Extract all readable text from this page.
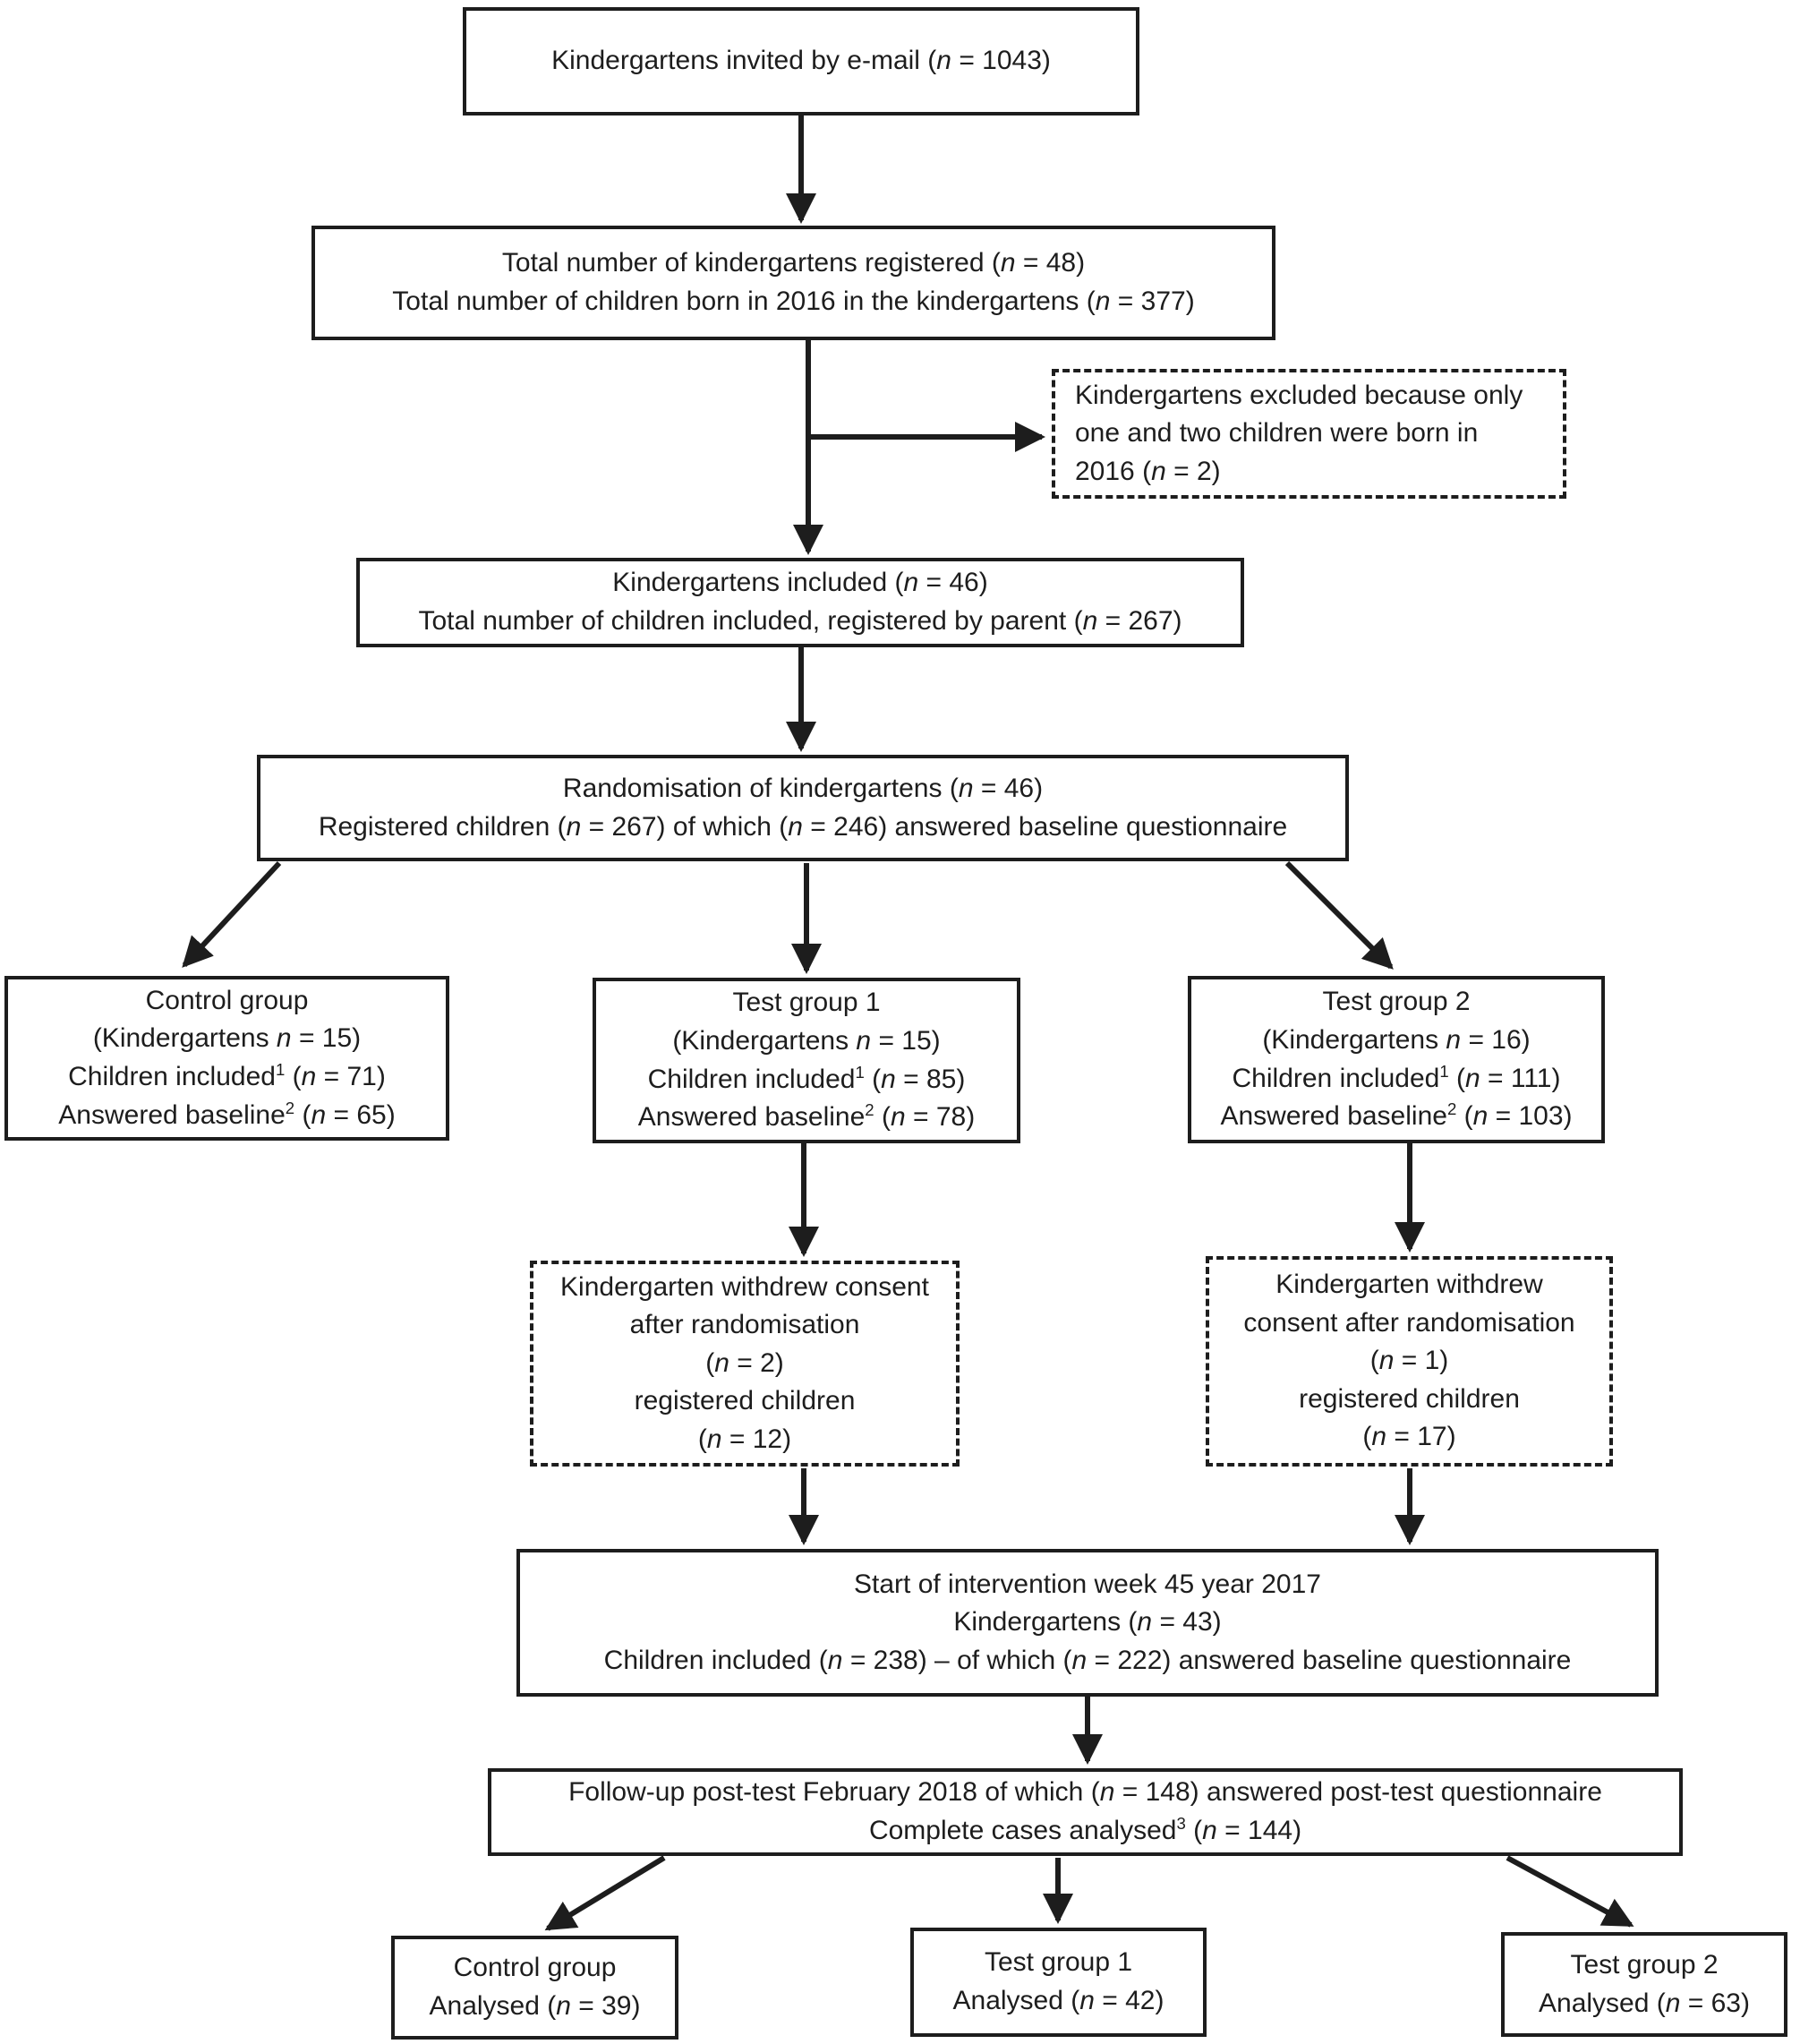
Kindergartens invited by e-mail (n = 1043)
Total number of kindergartens registered (n = 48)
Total number of children born in 2016 in the kindergartens (n = 377)
Kindergartens excluded because only
one and two children were born in
2016 (n = 2)
Kindergartens included (n = 46)
Total number of children included, registered by parent (n = 267)
Randomisation of kindergartens (n = 46)
Registered children (n = 267) of which (n = 246) answered baseline questionnaire
Control group
(Kindergartens n = 15)
Children included$^1$ (n = 71)
Answered baseline$^2$ (n = 65)
Test group 1
(Kindergartens n = 15)
Children included$^1$ (n = 85)
Answered baseline$^2$ (n = 78)
Test group 2
(Kindergartens n = 16)
Children included$^1$ (n = 111)
Answered baseline$^2$ (n = 103)
Kindergarten withdrew consent
after randomisation
(n = 2)
registered children
(n = 12)
Kindergarten withdrew
consent after randomisation
(n = 1)
registered children
(n = 17)
Start of intervention week 45 year 2017
Kindergartens (n = 43)
Children included (n = 238) – of which (n = 222) answered baseline questionnaire
Follow-up post-test February 2018 of which (n = 148) answered post-test questionnaire
Complete cases analysed$^3$ (n = 144)
Control group
Analysed (n = 39)
Test group 1
Analysed (n = 42)
Test group 2
Analysed (n = 63)
